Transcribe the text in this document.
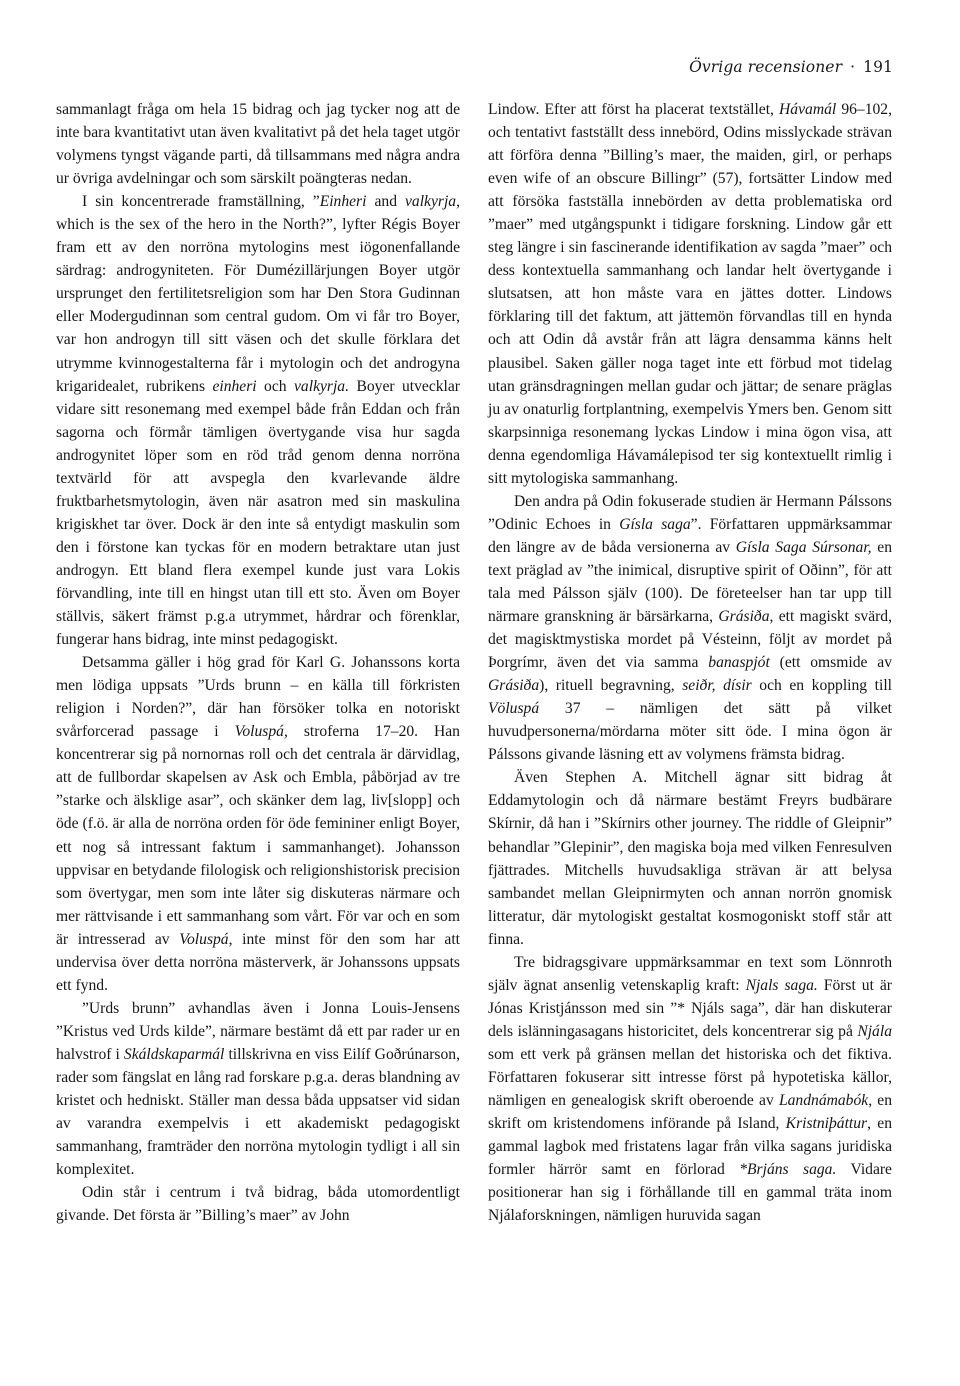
Övriga recensioner · 191

sammanlagt fråga om hela 15 bidrag och jag tycker nog att de inte bara kvantitativt utan även kvalitativt på det hela taget utgör volymens tyngst vägande parti, då tillsammans med några andra ur övriga avdelningar och som särskilt poängteras nedan.

I sin koncentrerade framställning, ”Einheri and valkyrja, which is the sex of the hero in the North?”, lyfter Régis Boyer fram ett av den norröna mytologins mest iögonenfallande särdrag: androgyniteten. För Dumézillärjungen Boyer utgör ursprunget den fertilitetsreligion som har Den Stora Gudinnan eller Modergudinnan som central gudom. Om vi får tro Boyer, var hon androgyn till sitt väsen och det skulle förklara det utrymme kvinnogestalterna får i mytologin och det androgyna krigaridealet, rubrikens einheri och valkyrja. Boyer utvecklar vidare sitt resonemang med exempel både från Eddan och från sagorna och förmår tämligen övertygande visa hur sagda androgynitet löper som en röd tråd genom denna norröna textvärld för att avspegla den kvarlevande äldre fruktbarhetsmytologin, även när asatron med sin maskulina krigiskhet tar över. Dock är den inte så entydigt maskulin som den i förstone kan tyckas för en modern betraktare utan just androgyn. Ett bland flera exempel kunde just vara Lokis förvandling, inte till en hingst utan till ett sto. Även om Boyer ställvis, säkert främst p.g.a utrymmet, hårdrar och förenklar, fungerar hans bidrag, inte minst pedagogiskt.

Detsamma gäller i hög grad för Karl G. Johanssons korta men lödiga uppsats ”Urds brunn – en källa till förkristen religion i Norden?”, där han försöker tolka en notoriskt svårforcerad passage i Voluspá, stroferna 17–20. Han koncentrerar sig på nornornas roll och det centrala är därvidlag, att de fullbordar skapelsen av Ask och Embla, påbörjad av tre ”starke och älsklige asar”, och skänker dem lag, liv[slopp] och öde (f.ö. är alla de norröna orden för öde femininer enligt Boyer, ett nog så intressant faktum i sammanhanget). Johansson uppvisar en betydande filologisk och religionshistorisk precision som övertygar, men som inte låter sig diskuteras närmare och mer rättvisande i ett sammanhang som vårt. För var och en som är intresserad av Voluspá, inte minst för den som har att undervisa över detta norröna mästerverk, är Johanssons uppsats ett fynd.

”Urds brunn” avhandlas även i Jonna Louis-Jensens ”Kristus ved Urds kilde”, närmare bestämt då ett par rader ur en halvstrof i Skáldskaparmál tillskrivna en viss Eilíf Goðrúnarson, rader som fängslat en lång rad forskare p.g.a. deras blandning av kristet och hedniskt. Ställer man dessa båda uppsatser vid sidan av varandra exempelvis i ett akademiskt pedagogiskt sammanhang, framträder den norröna mytologin tydligt i all sin komplexitet.

Odin står i centrum i två bidrag, båda utomordentligt givande. Det första är ”Billing’s maer” av John

Lindow. Efter att först ha placerat textstället, Hávamál 96–102, och tentativt fastställt dess innebörd, Odins misslyckade strävan att förföra denna ”Billing’s maer, the maiden, girl, or perhaps even wife of an obscure Billingr” (57), fortsätter Lindow med att försöka fastställa innebörden av detta problematiska ord ”maer” med utgångspunkt i tidigare forskning. Lindow går ett steg längre i sin fascinerande identifikation av sagda ”maer” och dess kontextuella sammanhang och landar helt övertygande i slutsatsen, att hon måste vara en jättes dotter. Lindows förklaring till det faktum, att jättemön förvandlas till en hynda och att Odin då avstår från att lägra densamma känns helt plausibel. Saken gäller noga taget inte ett förbud mot tidelag utan gränsdragningen mellan gudar och jättar; de senare präglas ju av onaturlig fortplantning, exempelvis Ymers ben. Genom sitt skarpsinniga resonemang lyckas Lindow i mina ögon visa, att denna egendomliga Hávamálepisod ter sig kontextuellt rimlig i sitt mytologiska sammanhang.

Den andra på Odin fokuserade studien är Hermann Pálssons ”Odinic Echoes in Gísla saga”. Författaren uppmärksammar den längre av de båda versionerna av Gísla Saga Súrsonar, en text präglad av ”the inimical, disruptive spirit of Oðinn”, för att tala med Pálsson själv (100). De företeelser han tar upp till närmare granskning är bärsärkarna, Grásiða, ett magiskt svärd, det magisktmystiska mordet på Vésteinn, följt av mordet på Þorgrímr, även det via samma banaspjót (ett omsmide av Grásiða), rituell begravning, seiðr, dísir och en koppling till Völuspá 37 – nämligen det sätt på vilket huvudpersonerna/mördarna möter sitt öde. I mina ögon är Pálssons givande läsning ett av volymens främsta bidrag.

Även Stephen A. Mitchell ägnar sitt bidrag åt Eddamytologin och då närmare bestämt Freyrs budbärare Skírnir, då han i ”Skírnirs other journey. The riddle of Gleipnir” behandlar ”Glepinir”, den magiska boja med vilken Fenresulven fjättrades. Mitchells huvudsakliga strävan är att belysa sambandet mellan Gleipnirmyten och annan norrön gnomisk litteratur, där mytologiskt gestaltat kosmogoniskt stoff står att finna.

Tre bidragsgivare uppmärksammar en text som Lönnroth själv ägnat ansenlig vetenskaplig kraft: Njals saga. Först ut är Jónas Kristjánsson med sin ”* Njáls saga”, där han diskuterar dels islänningasagans historicitet, dels koncentrerar sig på Njála som ett verk på gränsen mellan det historiska och det fiktiva. Författaren fokuserar sitt intresse först på hypotetiska källor, nämligen en genealogisk skrift oberoende av Landnámabók, en skrift om kristendomens införande på Island, Kristniþáttur, en gammal lagbok med fristatens lagar från vilka sagans juridiska formler härrör samt en förlorad *Brjáns saga. Vidare positionerar han sig i förhållande till en gammal träta inom Njálaforskningen, nämligen huruvida sagan
